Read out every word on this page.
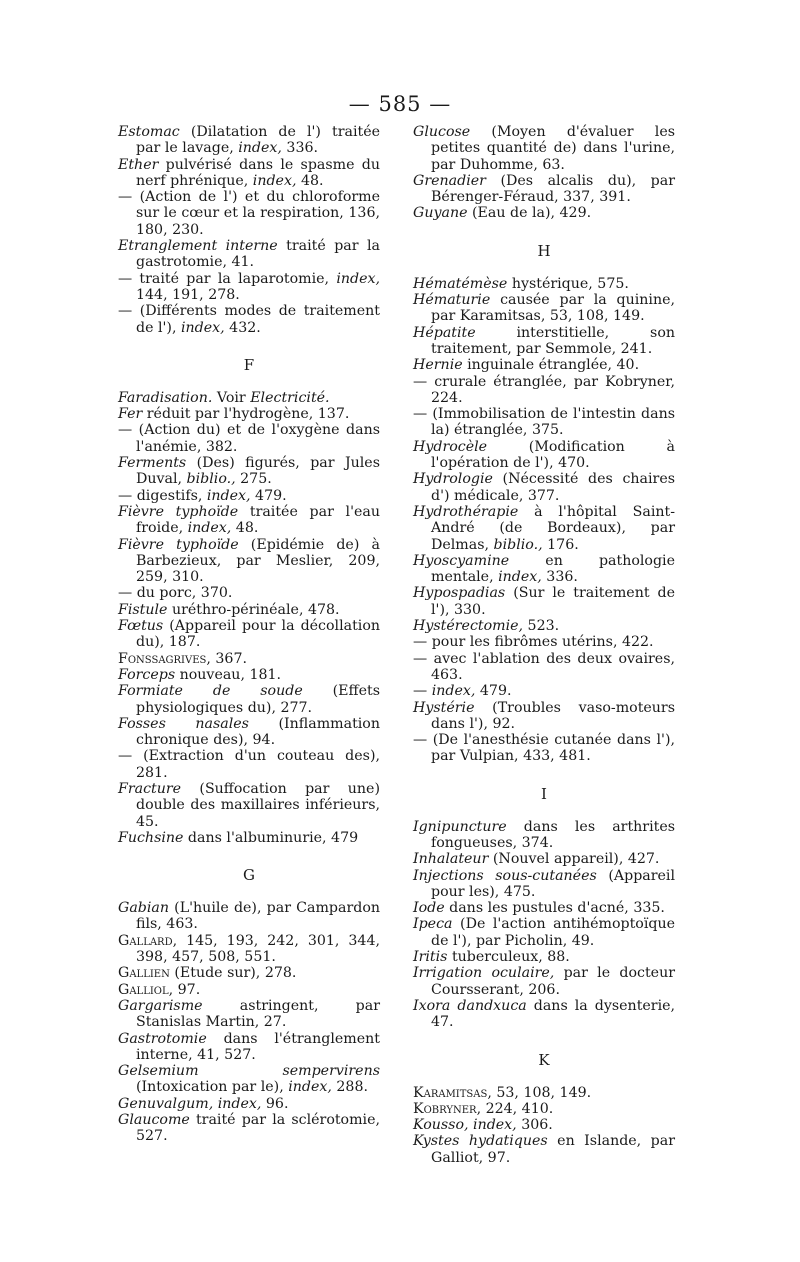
— 585 —

Estomac (Dilatation de l') traitée par le lavage, index, 336.

Ether pulvérisé dans le spasme du nerf phrénique, index, 48.

— (Action de l') et du chloroforme sur le cœur et la respiration, 136, 180, 230.

Etranglement interne traité par la gastrotomie, 41.

— traité par la laparotomie, index, 144, 191, 278.

— (Différents modes de traitement de l'), index, 432.

F

Faradisation. Voir Electricité.

Fer réduit par l'hydrogène, 137.

— (Action du) et de l'oxygène dans l'anémie, 382.

Ferments (Des) figurés, par Jules Duval, biblio., 275.

— digestifs, index, 479.

Fièvre typhoïde traitée par l'eau froide, index, 48.

Fièvre typhoïde (Epidémie de) à Barbezieux, par Meslier, 209, 259, 310.

— du porc, 370.

Fistule uréthro-périnéale, 478.

Fœtus (Appareil pour la décollation du), 187.

Fonssagrives, 367.

Forceps nouveau, 181.

Formiate de soude (Effets physiologiques du), 277.

Fosses nasales (Inflammation chronique des), 94.

— (Extraction d'un couteau des), 281.

Fracture (Suffocation par une) double des maxillaires inférieurs, 45.

Fuchsine dans l'albuminurie, 479

G

Gabian (L'huile de), par Campardon fils, 463.

Gallard, 145, 193, 242, 301, 344, 398, 457, 508, 551.

Gallien (Etude sur), 278.

Galliol, 97.

Gargarisme astringent, par Stanislas Martin, 27.

Gastrotomie dans l'étranglement interne, 41, 527.

Gelsemium sempervirens (Intoxication par le), index, 288.

Genuvalgum, index, 96.

Glaucome traité par la sclérotomie, 527.

Glucose (Moyen d'évaluer les petites quantité de) dans l'urine, par Duhomme, 63.

Grenadier (Des alcalis du), par Bérenger-Féraud, 337, 391.

Guyane (Eau de la), 429.

H

Hématémèse hystérique, 575.

Hématurie causée par la quinine, par Karamitsas, 53, 108, 149.

Hépatite interstitielle, son traitement, par Semmole, 241.

Hernie inguinale étranglée, 40.

— crurale étranglée, par Kobryner, 224.

— (Immobilisation de l'intestin dans la) étranglée, 375.

Hydrocèle (Modification à l'opération de l'), 470.

Hydrologie (Nécessité des chaires d') médicale, 377.

Hydrothérapie à l'hôpital Saint-André (de Bordeaux), par Delmas, biblio., 176.

Hyoscyamine en pathologie mentale, index, 336.

Hypospadias (Sur le traitement de l'), 330.

Hystérectomie, 523.

— pour les fibrômes utérins, 422.

— avec l'ablation des deux ovaires, 463.

— index, 479.

Hystérie (Troubles vaso-moteurs dans l'), 92.

— (De l'anesthésie cutanée dans l'), par Vulpian, 433, 481.

I

Ignipuncture dans les arthrites fongueuses, 374.

Inhalateur (Nouvel appareil), 427.

Injections sous-cutanées (Appareil pour les), 475.

Iode dans les pustules d'acné, 335.

Ipeca (De l'action antihémoptoïque de l'), par Picholin, 49.

Iritis tuberculeux, 88.

Irrigation oculaire, par le docteur Coursserant, 206.

Ixora dandxuca dans la dysenterie, 47.

K

Karamitsas, 53, 108, 149.

Kobryner, 224, 410.

Kousso, index, 306.

Kystes hydatiques en Islande, par Galliot, 97.
